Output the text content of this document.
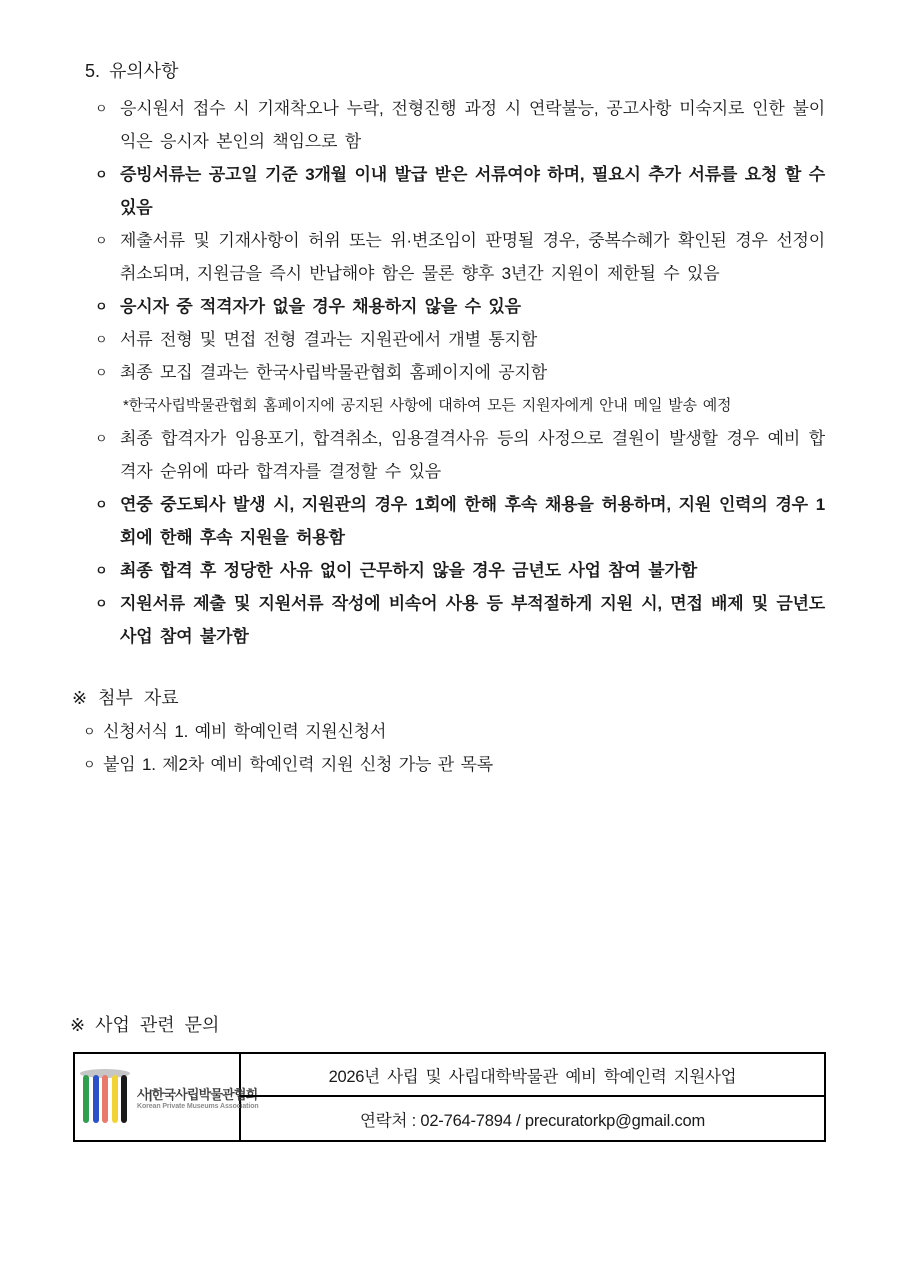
5. 유의사항
ㅇ 응시원서 접수 시 기재착오나 누락, 전형진행 과정 시 연락불능, 공고사항 미숙지로 인한 불이익은 응시자 본인의 책임으로 함
ㅇ 증빙서류는 공고일 기준 3개월 이내 발급 받은 서류여야 하며, 필요시 추가 서류를 요청 할 수 있음
ㅇ 제출서류 및 기재사항이 허위 또는 위·변조임이 판명될 경우, 중복수혜가 확인된 경우 선정이 취소되며, 지원금을 즉시 반납해야 함은 물론 향후 3년간 지원이 제한될 수 있음
ㅇ 응시자 중 적격자가 없을 경우 채용하지 않을 수 있음
ㅇ 서류 전형 및 면접 전형 결과는 지원관에서 개별 통지함
ㅇ 최종 모집 결과는 한국사립박물관협회 홈페이지에 공지함
*한국사립박물관협회 홈페이지에 공지된 사항에 대하여 모든 지원자에게 안내 메일 발송 예정
ㅇ 최종 합격자가 임용포기, 합격취소, 임용결격사유 등의 사정으로 결원이 발생할 경우 예비 합격자 순위에 따라 합격자를 결정할 수 있음
ㅇ 연중 중도퇴사 발생 시, 지원관의 경우 1회에 한해 후속 채용을 허용하며, 지원 인력의 경우 1회에 한해 후속 지원을 허용함
ㅇ 최종 합격 후 정당한 사유 없이 근무하지 않을 경우 금년도 사업 참여 불가함
ㅇ 지원서류 제출 및 지원서류 작성에 비속어 사용 등 부적절하게 지원 시, 면접 배제 및 금년도 사업 참여 불가함
※ 첨부 자료
ㅇ 신청서식 1. 예비 학예인력 지원신청서
ㅇ 붙임 1. 제2차 예비 학예인력 지원 신청 가능 관 목록
※ 사업 관련 문의
사|한국사립박물관협회
Korean Private Museums Association
2026년 사립 및 사립대학박물관 예비 학예인력 지원사업
연락처 : 02-764-7894 / precuratorkp@gmail.com
